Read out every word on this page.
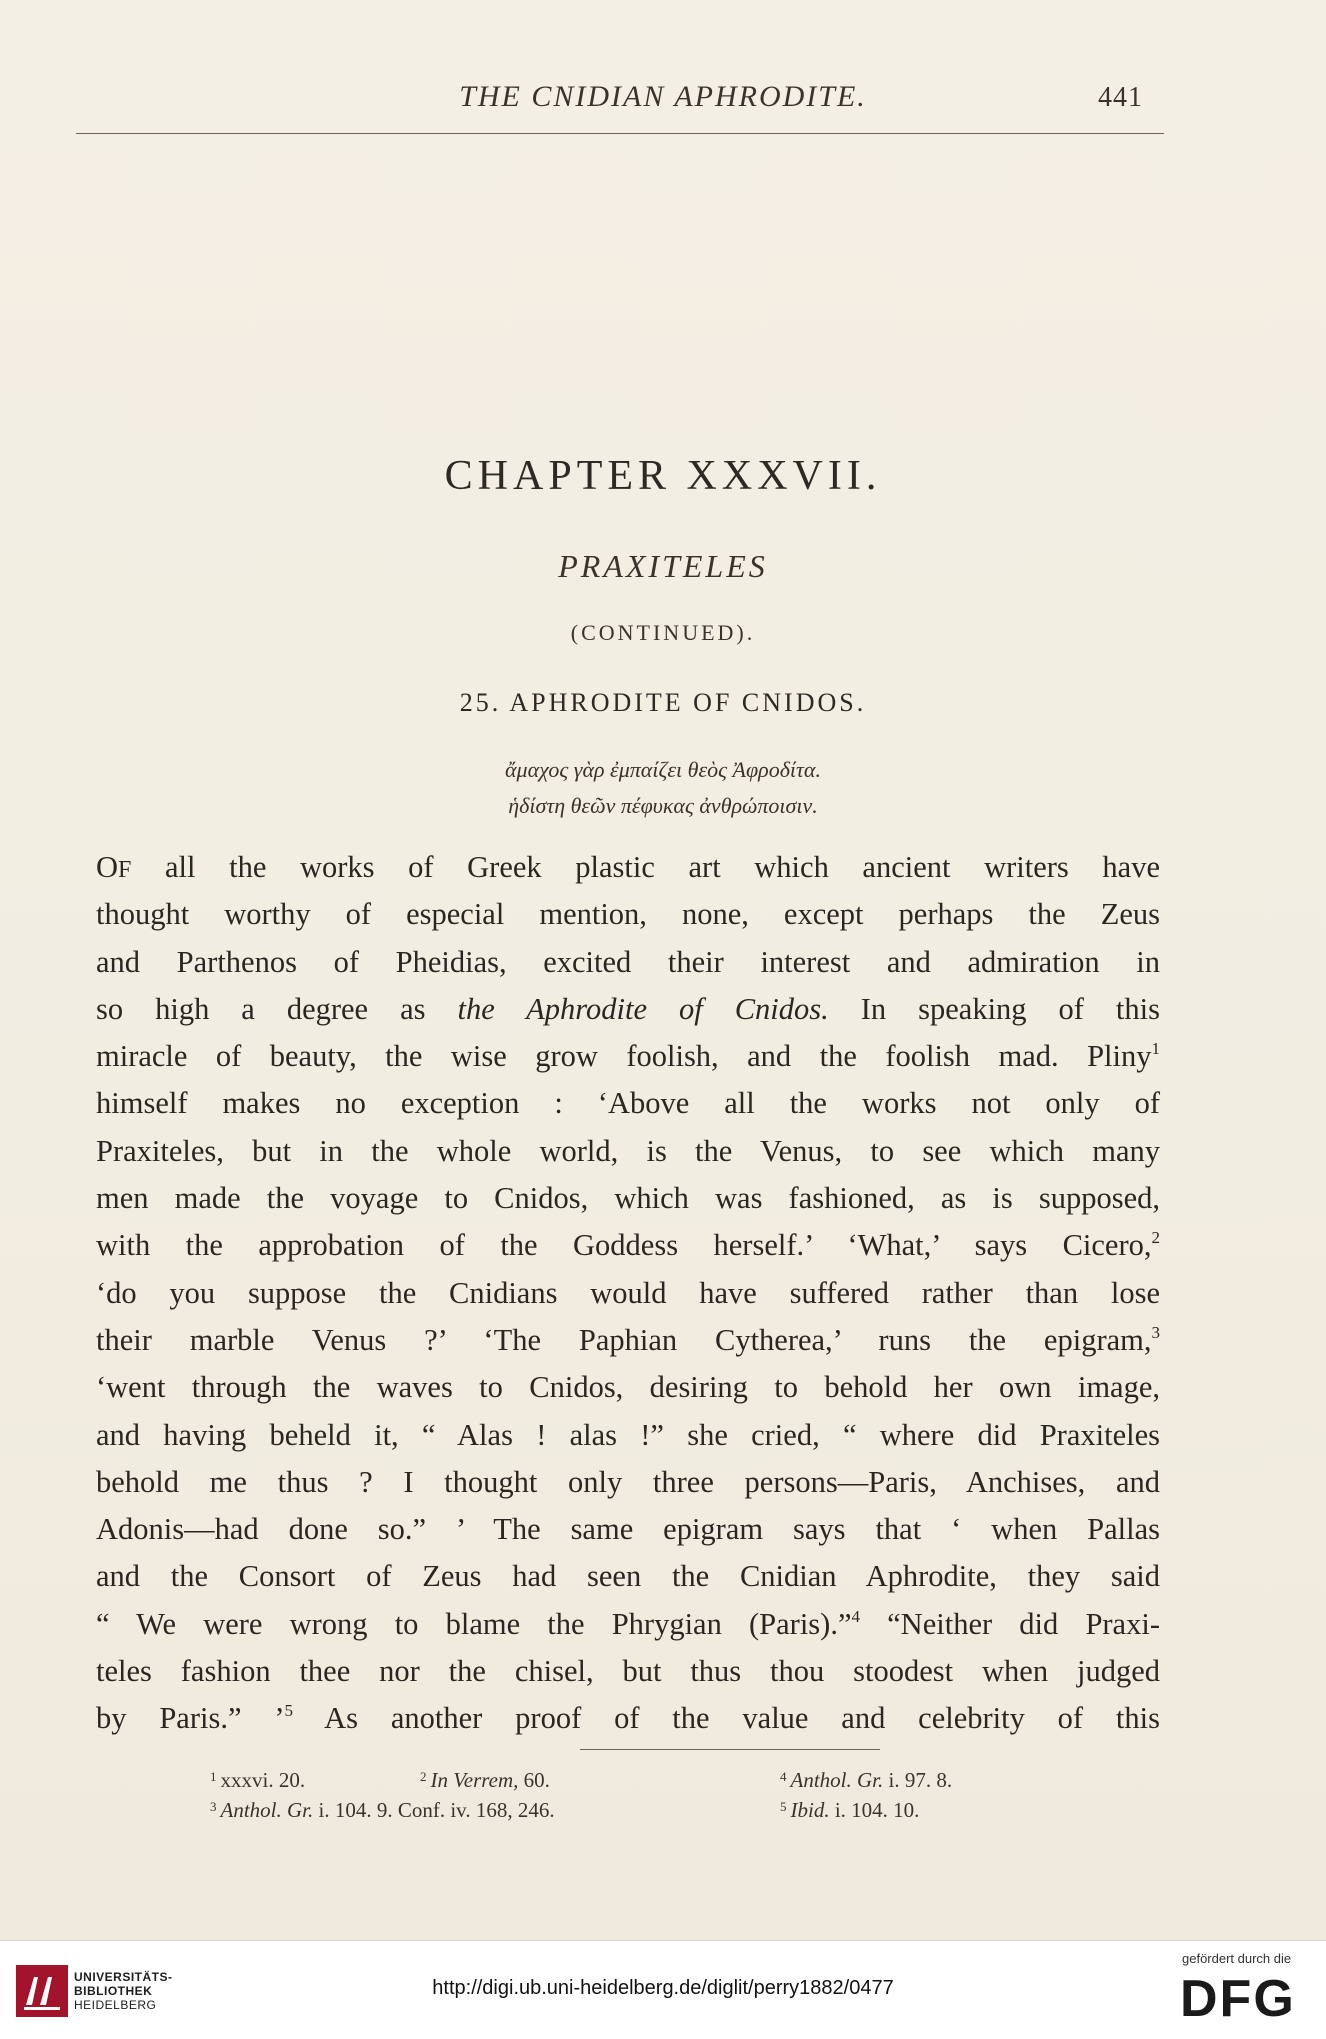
THE CNIDIAN APHRODITE.	441
CHAPTER XXXVII.
PRAXITELES
(CONTINUED).
25. APHRODITE OF CNIDOS.
ἄμαχος γὰρ ἐμπαίζει θεὸς Ἀφροδίτα.
ἡδίστη θεῶν πέφυκας ἀνθρώποισιν.
OF all the works of Greek plastic art which ancient writers have
thought worthy of especial mention, none, except perhaps the Zeus
and Parthenos of Pheidias, excited their interest and admiration in
so high a degree as the Aphrodite of Cnidos. In speaking of this
miracle of beauty, the wise grow foolish, and the foolish mad. Pliny$^1$
himself makes no exception : ‘Above all the works not only of
Praxiteles, but in the whole world, is the Venus, to see which many
men made the voyage to Cnidos, which was fashioned, as is supposed,
with the approbation of the Goddess herself.’ ‘What,’ says Cicero,$^2$
‘do you suppose the Cnidians would have suffered rather than lose
their marble Venus ?’ ‘The Paphian Cytherea,’ runs the epigram,$^3$
‘went through the waves to Cnidos, desiring to behold her own image,
and having beheld it, “ Alas ! alas !” she cried, “ where did Praxiteles
behold me thus ? I thought only three persons—Paris, Anchises, and
Adonis—had done so.” ’ The same epigram says that ‘ when Pallas
and the Consort of Zeus had seen the Cnidian Aphrodite, they said
“ We were wrong to blame the Phrygian (Paris).”$^4$ “Neither did Praxi-
teles fashion thee nor the chisel, but thus thou stoodest when judged
by Paris.” ’$^5$ As another proof of the value and celebrity of this
$^1$ xxxvi. 20.	$^2$ In Verrem, 60.	$^4$ Anthol. Gr. i. 97. 8.
$^3$ Anthol. Gr. i. 104. 9. Conf. iv. 168, 246.	$^5$ Ibid. i. 104. 10.
UNIVERSITÄTS-
BIBLIOTHEK
HEIDELBERG
http://digi.ub.uni-heidelberg.de/diglit/perry1882/0477
gefördert durch die
DFG
